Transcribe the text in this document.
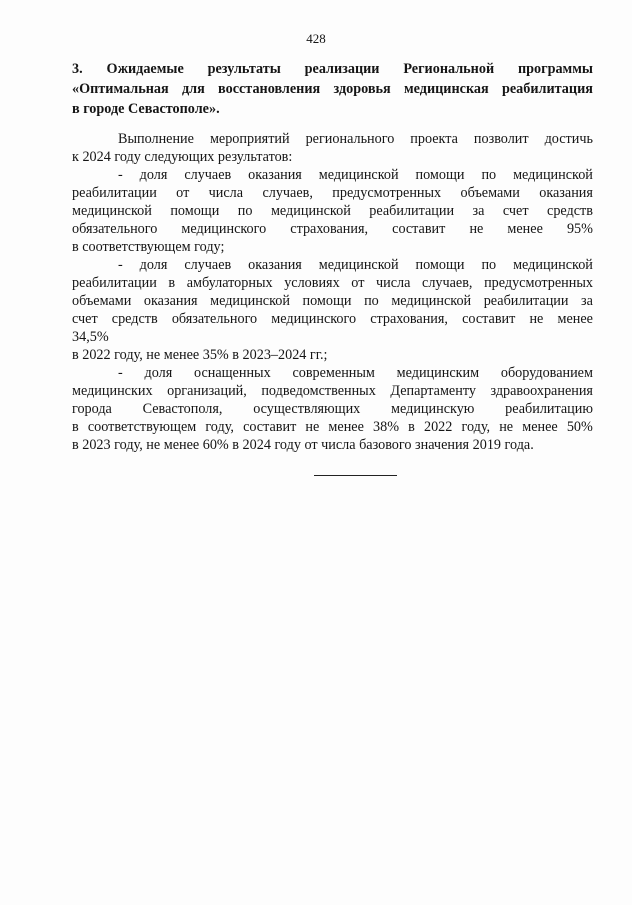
428
3. Ожидаемые результаты реализации Региональной программы
«Оптимальная для восстановления здоровья медицинская реабилитация
в городе Севастополе».
Выполнение мероприятий регионального проекта позволит достичь
к 2024 году следующих результатов:
- доля случаев оказания медицинской помощи по медицинской
реабилитации от числа случаев, предусмотренных объемами оказания
медицинской помощи по медицинской реабилитации за счет средств
обязательного медицинского страхования, составит не менее 95%
в соответствующем году;
- доля случаев оказания медицинской помощи по медицинской
реабилитации в амбулаторных условиях от числа случаев, предусмотренных
объемами оказания медицинской помощи по медицинской реабилитации за
счет средств обязательного медицинского страхования, составит не менее
34,5%
в 2022 году, не менее 35% в 2023–2024 гг.;
- доля оснащенных современным медицинским оборудованием
медицинских организаций, подведомственных Департаменту здравоохранения
города Севастополя, осуществляющих медицинскую реабилитацию
в соответствующем году, составит не менее 38% в 2022 году, не менее 50%
в 2023 году, не менее 60% в 2024 году от числа базового значения 2019 года.
